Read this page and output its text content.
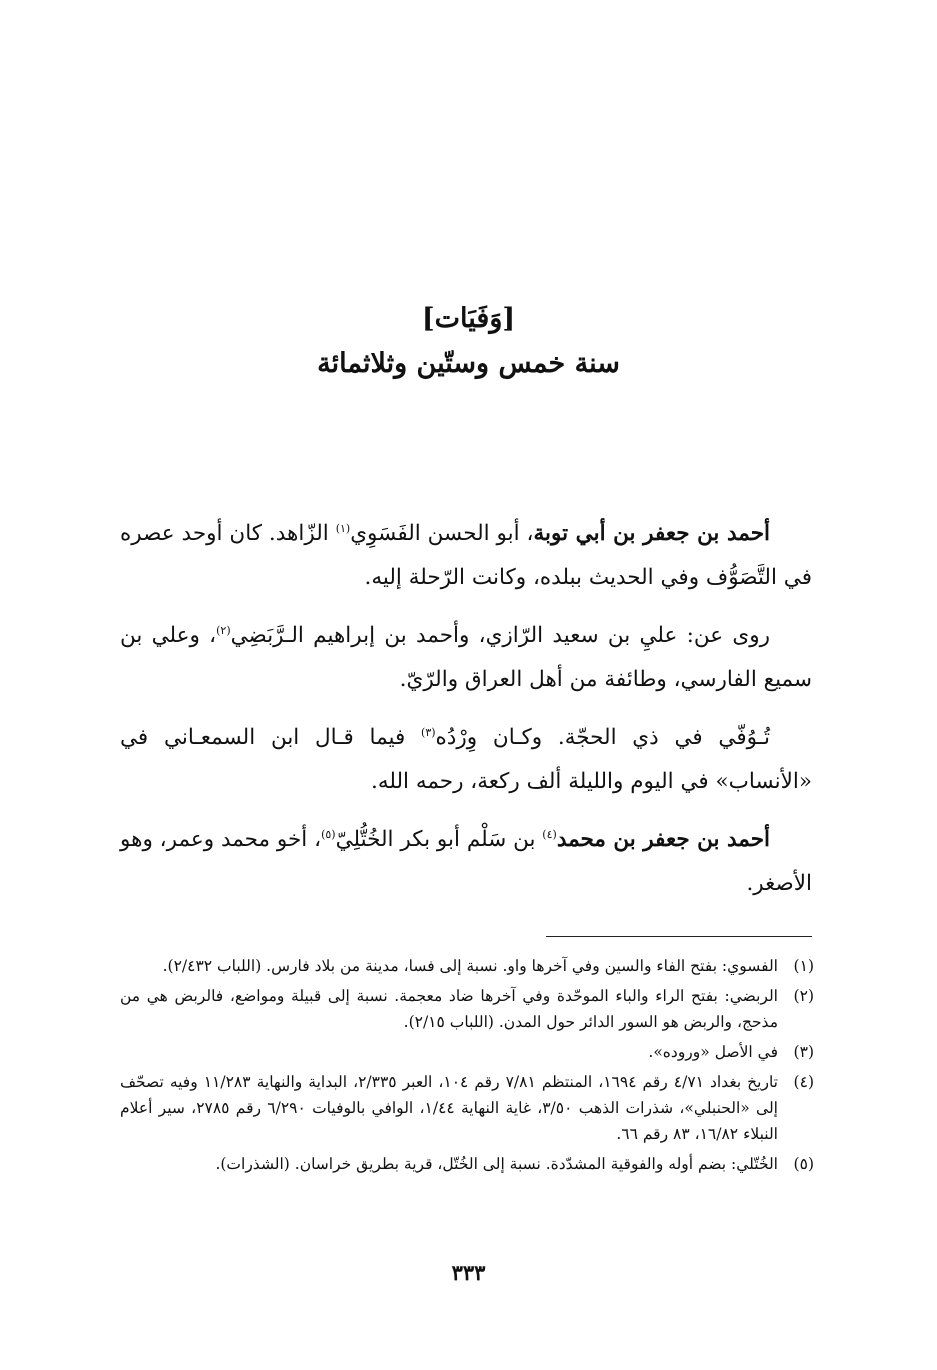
[وَفَيَات]
سنة خمس وستّين وثلاثمائة

أحمد بن جعفر بن أبي توبة، أبو الحسن الفَسَوِي$^{(١)}$ الزّاهد. كان أوحد عصره في التَّصَوُّف وفي الحديث ببلده، وكانت الرّحلة إليه.

روى عن: عليِ بن سعيد الرّازي، وأحمد بن إبراهيم الـرَّبَضِي$^{(٢)}$، وعلي بن سميع الفارسي، وطائفة من أهل العراق والرّيّ.

تُـوُفّي في ذي الحجّة. وكـان وِرْدُه$^{(٣)}$ فيما قـال ابن السمعـاني في «الأنساب» في اليوم والليلة ألف ركعة، رحمه الله.

أحمد بن جعفر بن محمد$^{(٤)}$ بن سَلْم أبو بكر الخُتُّلِيّ$^{(٥)}$، أخو محمد وعمر، وهو الأصغر.

(١)
الفسوي: بفتح الفاء والسين وفي آخرها واو. نسبة إلى فسا، مدينة من بلاد فارس. (اللباب ٢/٤٣٢).
(٢)
الربضي: بفتح الراء والباء الموحّدة وفي آخرها ضاد معجمة. نسبة إلى قبيلة ومواضع، فالربض هي من مذحج، والربض هو السور الدائر حول المدن. (اللباب ٢/١٥).
(٣)
في الأصل «وروده».
(٤)
تاريخ بغداد ٤/٧١ رقم ١٦٩٤، المنتظم ٧/٨١ رقم ١٠٤، العبر ٢/٣٣٥، البداية والنهاية ١١/٢٨٣ وفيه تصحّف إلى «الحنبلي»، شذرات الذهب ٣/٥٠، غاية النهاية ١/٤٤، الوافي بالوفيات ٦/٢٩٠ رقم ٢٧٨٥، سير أعلام النبلاء ١٦/٨٢، ٨٣ رقم ٦٦.
(٥)
الخُتّلي: بضم أوله والفوقية المشدّدة. نسبة إلى الخُتّل، قرية بطريق خراسان. (الشذرات).
٣٣٣
